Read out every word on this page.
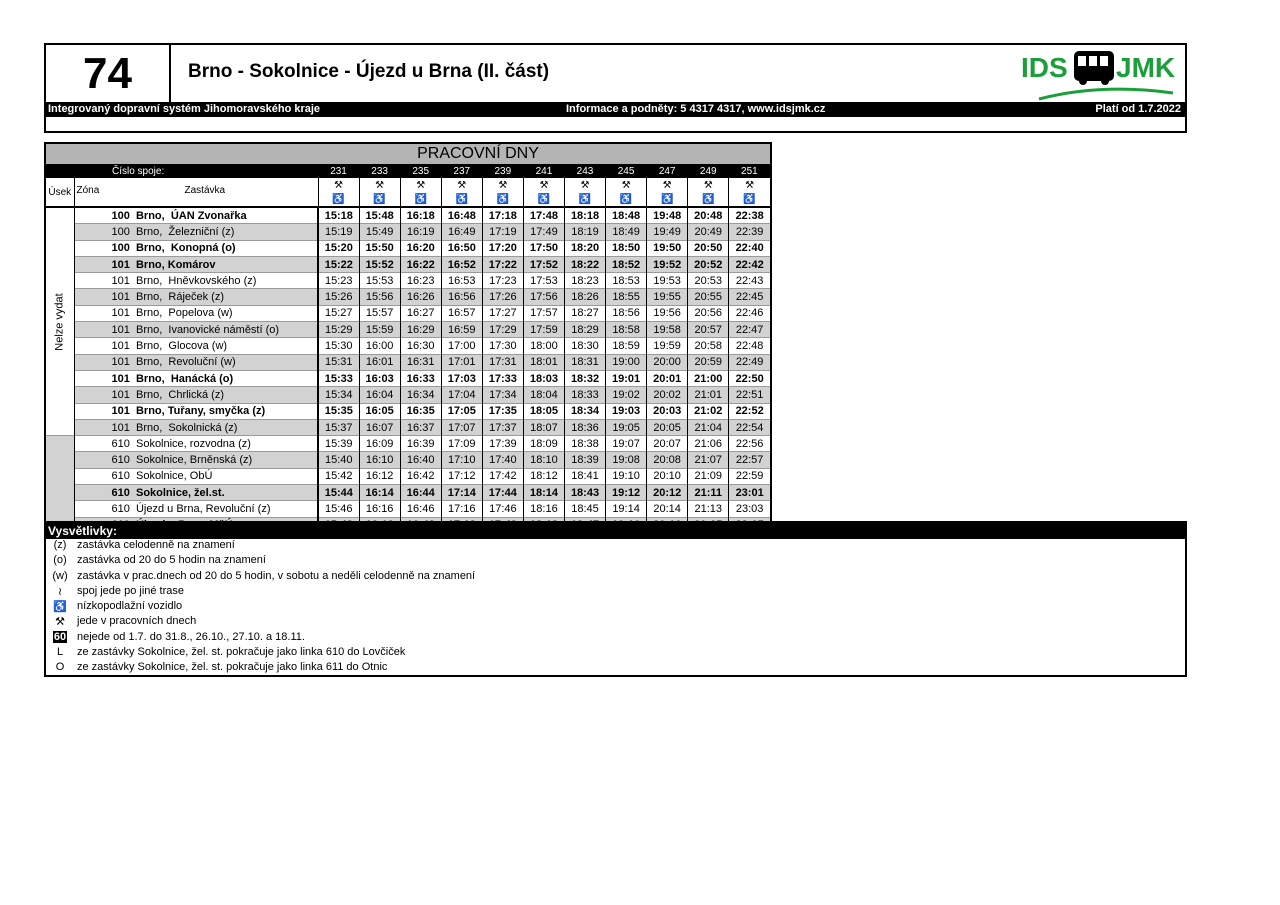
74	Brno - Sokolnice - Újezd u Brna (II. část)	IDS JMK
Integrovaný dopravní systém Jihomoravského kraje	Informace a podněty: 5 4317 4317, www.idsjmk.cz	Platí od 1.7.2022
PRACOVNÍ DNY
Číslo spoje:		231	233	235	237	239	241	243	245	247	249	251
Úsek	Zóna Zastávka	⚒	⚒	⚒	⚒	⚒	⚒	⚒	⚒	⚒	⚒	⚒
		♿	♿	♿	♿	♿	♿	♿	♿	♿	♿	♿

Nelze vydat	100 Brno,  ÚAN Zvonařka	15:18	15:48	16:18	16:48	17:18	17:48	18:18	18:48	19:48	20:48	22:38
	100 Brno,  Železniční (z)	15:19	15:49	16:19	16:49	17:19	17:49	18:19	18:49	19:49	20:49	22:39
	100 Brno,  Konopná (o)	15:20	15:50	16:20	16:50	17:20	17:50	18:20	18:50	19:50	20:50	22:40
	101 Brno, Komárov	15:22	15:52	16:22	16:52	17:22	17:52	18:22	18:52	19:52	20:52	22:42
	101 Brno,  Hněvkovského (z)	15:23	15:53	16:23	16:53	17:23	17:53	18:23	18:53	19:53	20:53	22:43
	101 Brno,  Ráječek (z)	15:26	15:56	16:26	16:56	17:26	17:56	18:26	18:55	19:55	20:55	22:45
	101 Brno,  Popelova (w)	15:27	15:57	16:27	16:57	17:27	17:57	18:27	18:56	19:56	20:56	22:46
	101 Brno,  Ivanovické náměstí (o)	15:29	15:59	16:29	16:59	17:29	17:59	18:29	18:58	19:58	20:57	22:47
	101 Brno,  Glocova (w)	15:30	16:00	16:30	17:00	17:30	18:00	18:30	18:59	19:59	20:58	22:48
	101 Brno,  Revoluční (w)	15:31	16:01	16:31	17:01	17:31	18:01	18:31	19:00	20:00	20:59	22:49
	101 Brno,  Hanácká (o)	15:33	16:03	16:33	17:03	17:33	18:03	18:32	19:01	20:01	21:00	22:50
	101 Brno,  Chrlická (z)	15:34	16:04	16:34	17:04	17:34	18:04	18:33	19:02	20:02	21:01	22:51
	101 Brno, Tuřany, smyčka (z)	15:35	16:05	16:35	17:05	17:35	18:05	18:34	19:03	20:03	21:02	22:52
	101 Brno,  Sokolnická (z)	15:37	16:07	16:37	17:07	17:37	18:07	18:36	19:05	20:05	21:04	22:54
	610 Sokolnice, rozvodna (z)	15:39	16:09	16:39	17:09	17:39	18:09	18:38	19:07	20:07	21:06	22:56
	610 Sokolnice, Brněnská (z)	15:40	16:10	16:40	17:10	17:40	18:10	18:39	19:08	20:08	21:07	22:57
	610 Sokolnice, ObÚ	15:42	16:12	16:42	17:12	17:42	18:12	18:41	19:10	20:10	21:09	22:59
	610 Sokolnice, žel.st.	15:44	16:14	16:44	17:14	17:44	18:14	18:43	19:12	20:12	21:11	23:01
	610 Újezd u Brna, Revoluční (z)	15:46	16:16	16:46	17:16	17:46	18:16	18:45	19:14	20:14	21:13	23:03

Vysvětlivky:
(z) zastávka celodenně na znamení
(o) zastávka od 20 do 5 hodin na znamení
(w) zastávka v prac.dnech od 20 do 5 hodin, v sobotu a neděli celodenně na znamení
≀	spoj jede po jiné trase
♿ nízkopodlažní vozidlo
⚒	jede v pracovních dnech
60 nejede od 1.7. do 31.8., 26.10., 27.10. a 18.11.
L	ze zastávky Sokolnice, žel. st. pokračuje jako linka 610 do Lovčiček
O	ze zastávky Sokolnice, žel. st. pokračuje jako linka 611 do Otnic
